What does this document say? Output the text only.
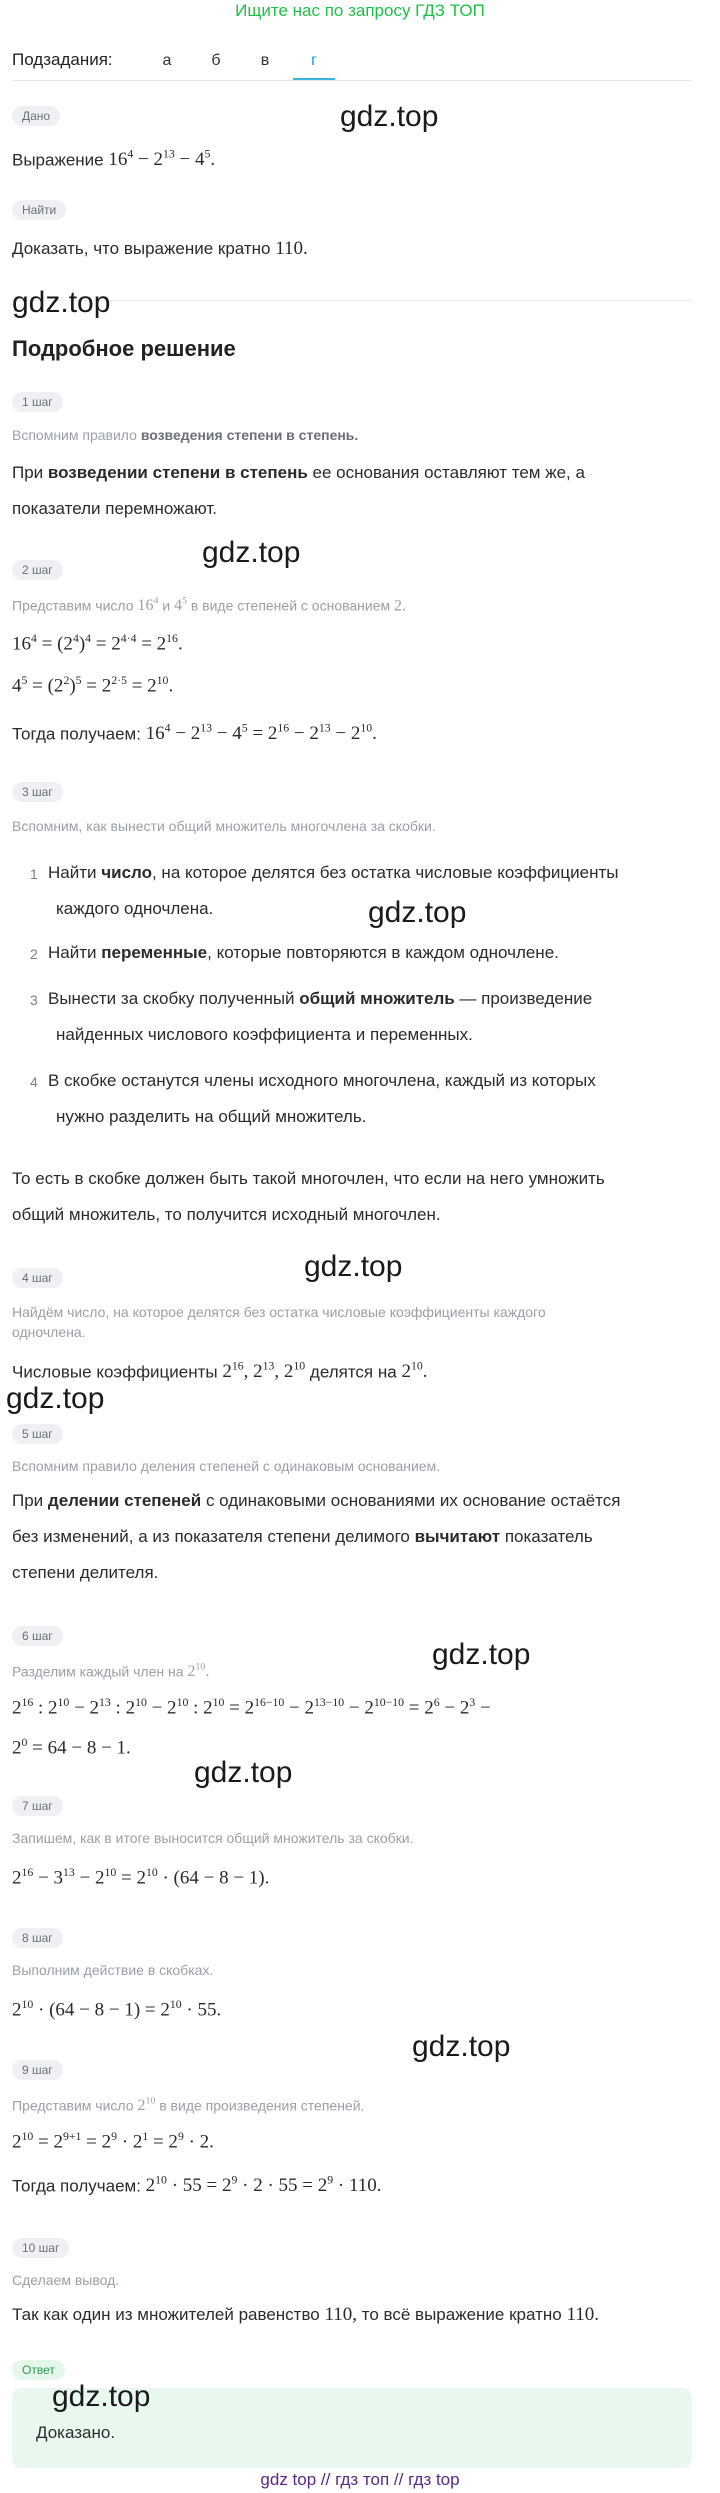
Ищите нас по запросу ГДЗ ТОП
Подзадания:	а	б	в	г
Дано	gdz.top
Выражение $16^4 - 2^{13} - 4^5$.
Найти
Доказать, что выражение кратно 110.
gdz.top
Подробное решение
1 шаг
Вспомним правило возведения степени в степень.
При возведении степени в степень ее основания оставляют тем же, а
показатели перемножают.
gdz.top
2 шаг
Представим число $16^4$ и $4^5$ в виде степеней с основанием 2.
$16^4 = (2^4)^4 = 2^{4\cdot 4} = 2^{16}$.
$4^5 = (2^2)^5 = 2^{2\cdot 5} = 2^{10}$.
Тогда получаем: $16^4 - 2^{13} - 4^5 = 2^{16} - 2^{13} - 2^{10}$.
3 шаг
Вспомним, как вынести общий множитель многочлена за скобки.
1 Найти число, на которое делятся без остатка числовые коэффициенты
каждого одночлена.	gdz.top
2 Найти переменные, которые повторяются в каждом одночлене.
3 Вынести за скобку полученный общий множитель — произведение
найденных числового коэффициента и переменных.
4 В скобке останутся члены исходного многочлена, каждый из которых
нужно разделить на общий множитель.
То есть в скобке должен быть такой многочлен, что если на него умножить
общий множитель, то получится исходный многочлен.
gdz.top
4 шаг
Найдём число, на которое делятся без остатка числовые коэффициенты каждого
одночлена.
Числовые коэффициенты $2^{16}$, $2^{13}$, $2^{10}$ делятся на $2^{10}$.
gdz.top
5 шаг
Вспомним правило деления степеней с одинаковым основанием.
При делении степеней с одинаковыми основаниями их основание остаётся
без изменений, а из показателя степени делимого вычитают показатель
степени делителя.
gdz.top
6 шаг
Разделим каждый член на $2^{10}$.
$2^{16}$ : $2^{10} - 2^{13}$ : $2^{10} - 2^{10}$ : $2^{10} = 2^{16-10} - 2^{13-10} - 2^{10-10} = 2^6 - 2^3$ −
$2^0 = 64 - 8 - 1$.
gdz.top
7 шаг
Запишем, как в итоге выносится общий множитель за скобки.
$2^{16} - 3^{13} - 2^{10} = 2^{10} \cdot (64 - 8 - 1)$.
8 шаг
Выполним действие в скобках.
$2^{10} \cdot (64 - 8 - 1) = 2^{10} \cdot 55$.
gdz.top
9 шаг
Представим число $2^{10}$ в виде произведения степеней.
$2^{10} = 2^{9+1} = 2^9 \cdot 2^1 = 2^9 \cdot 2$.
Тогда получаем: $2^{10} \cdot 55 = 2^9 \cdot 2 \cdot 55 = 2^9 \cdot 110$.
10 шаг
Сделаем вывод.
Так как один из множителей равенство 110, то всё выражение кратно 110.
Ответ
gdz.top
Доказано.
gdz top // гдз топ // гдз top
